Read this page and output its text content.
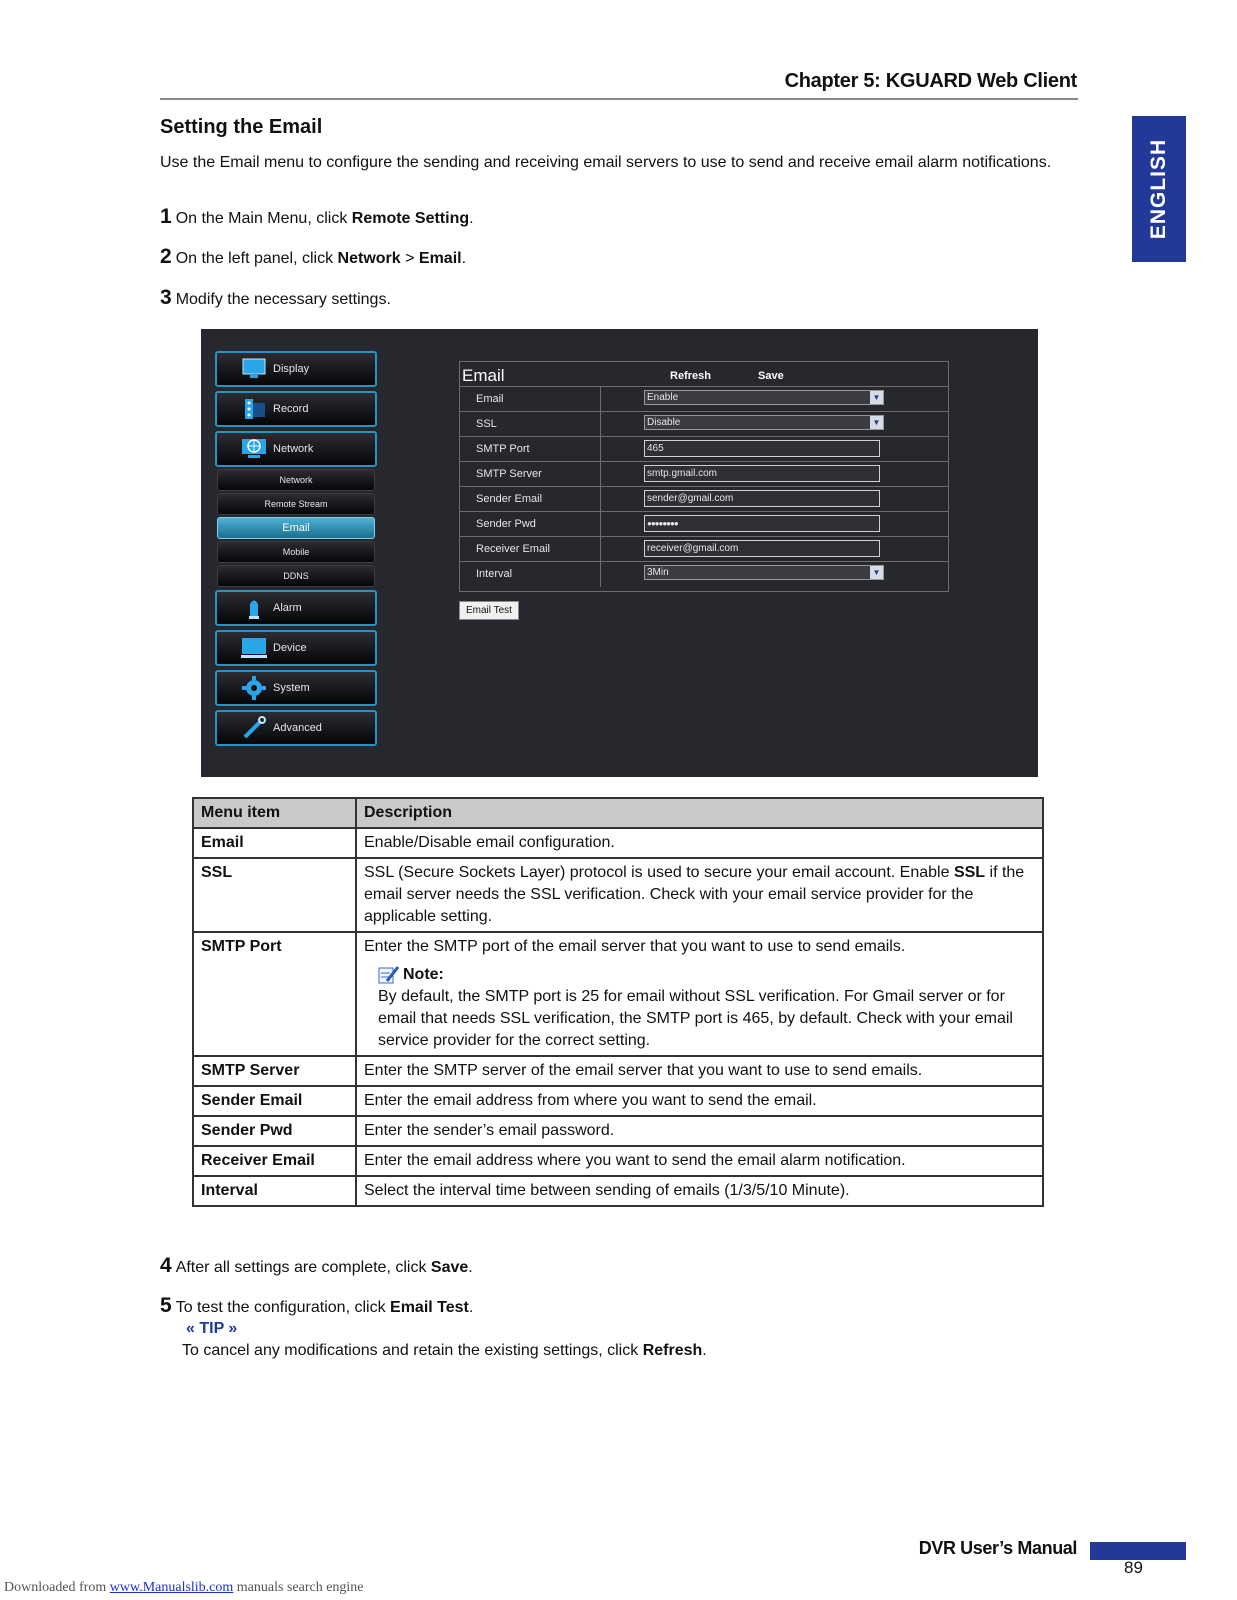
Chapter 5: KGUARD Web Client
ENGLISH
Setting the Email
Use the Email menu to configure the sending and receiving email servers to use to send and receive email alarm notifications.
1 On the Main Menu, click Remote Setting.
2 On the left panel, click Network > Email.
3 Modify the necessary settings.
Display
Record
Network
Network
Remote Stream
Email
Mobile
DDNS
Alarm
Device
System
Advanced
Email	Refresh	Save
Email	Enable	▼
SSL	Disable	▼
SMTP Port	465
SMTP Server	smtp.gmail.com
Sender Email	sender@gmail.com
Sender Pwd	●●●●●●●●
Receiver Email	receiver@gmail.com
Interval	3Min	▼
Email Test
Menu item	Description
Email	Enable/Disable email configuration.
SSL	SSL (Secure Sockets Layer) protocol is used to secure your email account. Enable SSL if the email server needs the SSL verification. Check with your email service provider for the applicable setting.
SMTP Port	Enter the SMTP port of the email server that you want to use to send emails.
Note:
By default, the SMTP port is 25 for email without SSL verification. For Gmail server or for email that needs SSL verification, the SMTP port is 465, by default. Check with your email service provider for the correct setting.

SMTP Server	Enter the SMTP server of the email server that you want to use to send emails.
Sender Email	Enter the email address from where you want to send the email.
Sender Pwd	Enter the sender’s email password.
Receiver Email	Enter the email address where you want to send the email alarm notification.
Interval	Select the interval time between sending of emails (1/3/5/10 Minute).
4 After all settings are complete, click Save.
5 To test the configuration, click Email Test.
« TIP »
To cancel any modifications and retain the existing settings, click Refresh.
DVR User’s Manual
89
Downloaded from www.Manualslib.com manuals search engine
